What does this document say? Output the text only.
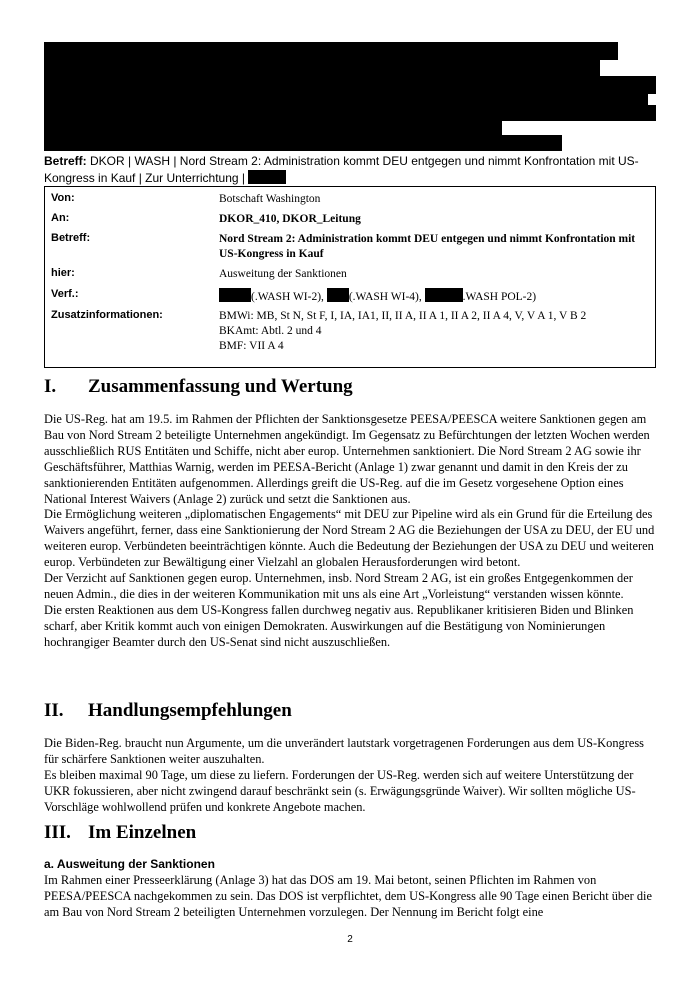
Betreff: DKOR | WASH | Nord Stream 2: Administration kommt DEU entgegen und nimmt Konfrontation mit US-Kongress in Kauf | Zur Unterrichtung |
Von:	Botschaft Washington
An:	DKOR_410, DKOR_Leitung
Betreff:	Nord Stream 2: Administration kommt DEU entgegen und nimmt Konfrontation mit US-Kongress in Kauf
hier:	Ausweitung der Sanktionen
Verf.:	(.WASH WI-2), (.WASH WI-4),	.WASH POL-2)
Zusatzinformationen:	BMWi: MB, St N, St F, I, IA, IA1, II, II A, II A 1, II A 2, II A 4, V, V A 1, V B 2
BKAmt: Abtl. 2 und 4
BMF: VII A 4
I. Zusammenfassung und Wertung

Die US-Reg. hat am 19.5. im Rahmen der Pflichten der Sanktionsgesetze PEESA/PEESCA weitere Sanktionen gegen am Bau von Nord Stream 2 beteiligte Unternehmen angekündigt. Im Gegensatz zu Befürchtungen der letzten Wochen werden ausschließlich RUS Entitäten und Schiffe, nicht aber europ. Unternehmen sanktioniert. Die Nord Stream 2 AG sowie ihr Geschäftsführer, Matthias Warnig, werden im PEESA-Bericht (Anlage 1) zwar genannt und damit in den Kreis der zu sanktionierenden Entitäten aufgenommen. Allerdings greift die US-Reg. auf die im Gesetz vorgesehene Option eines National Interest Waivers (Anlage 2) zurück und setzt die Sanktionen aus.

Die Ermöglichung weiteren „diplomatischen Engagements“ mit DEU zur Pipeline wird als ein Grund für die Erteilung des Waivers angeführt, ferner, dass eine Sanktionierung der Nord Stream 2 AG die Beziehungen der USA zu DEU, der EU und weiteren europ. Verbündeten beeinträchtigen könnte. Auch die Bedeutung der Beziehungen der USA zu DEU und weiteren europ. Verbündeten zur Bewältigung einer Vielzahl an globalen Herausforderungen wird betont.

Der Verzicht auf Sanktionen gegen europ. Unternehmen, insb. Nord Stream 2 AG, ist ein großes Entgegenkommen der neuen Admin., die dies in der weiteren Kommunikation mit uns als eine Art „Vorleistung“ verstanden wissen könnte.

Die ersten Reaktionen aus dem US-Kongress fallen durchweg negativ aus. Republikaner kritisieren Biden und Blinken scharf, aber Kritik kommt auch von einigen Demokraten. Auswirkungen auf die Bestätigung von Nominierungen hochrangiger Beamter durch den US-Senat sind nicht auszuschließen.

II. Handlungsempfehlungen

Die Biden-Reg. braucht nun Argumente, um die unverändert lautstark vorgetragenen Forderungen aus dem US-Kongress für schärfere Sanktionen weiter auszuhalten.

Es bleiben maximal 90 Tage, um diese zu liefern. Forderungen der US-Reg. werden sich auf weitere Unterstützung der UKR fokussieren, aber nicht zwingend darauf beschränkt sein (s. Erwägungsgründe Waiver). Wir sollten mögliche US-Vorschläge wohlwollend prüfen und konkrete Angebote machen.

III. Im Einzelnen

a. Ausweitung der Sanktionen

Im Rahmen einer Presseerklärung (Anlage 3) hat das DOS am 19. Mai betont, seinen Pflichten im Rahmen von PEESA/PEESCA nachgekommen zu sein. Das DOS ist verpflichtet, dem US-Kongress alle 90 Tage einen Bericht über die am Bau von Nord Stream 2 beteiligten Unternehmen vorzulegen. Der Nennung im Bericht folgt eine

2
